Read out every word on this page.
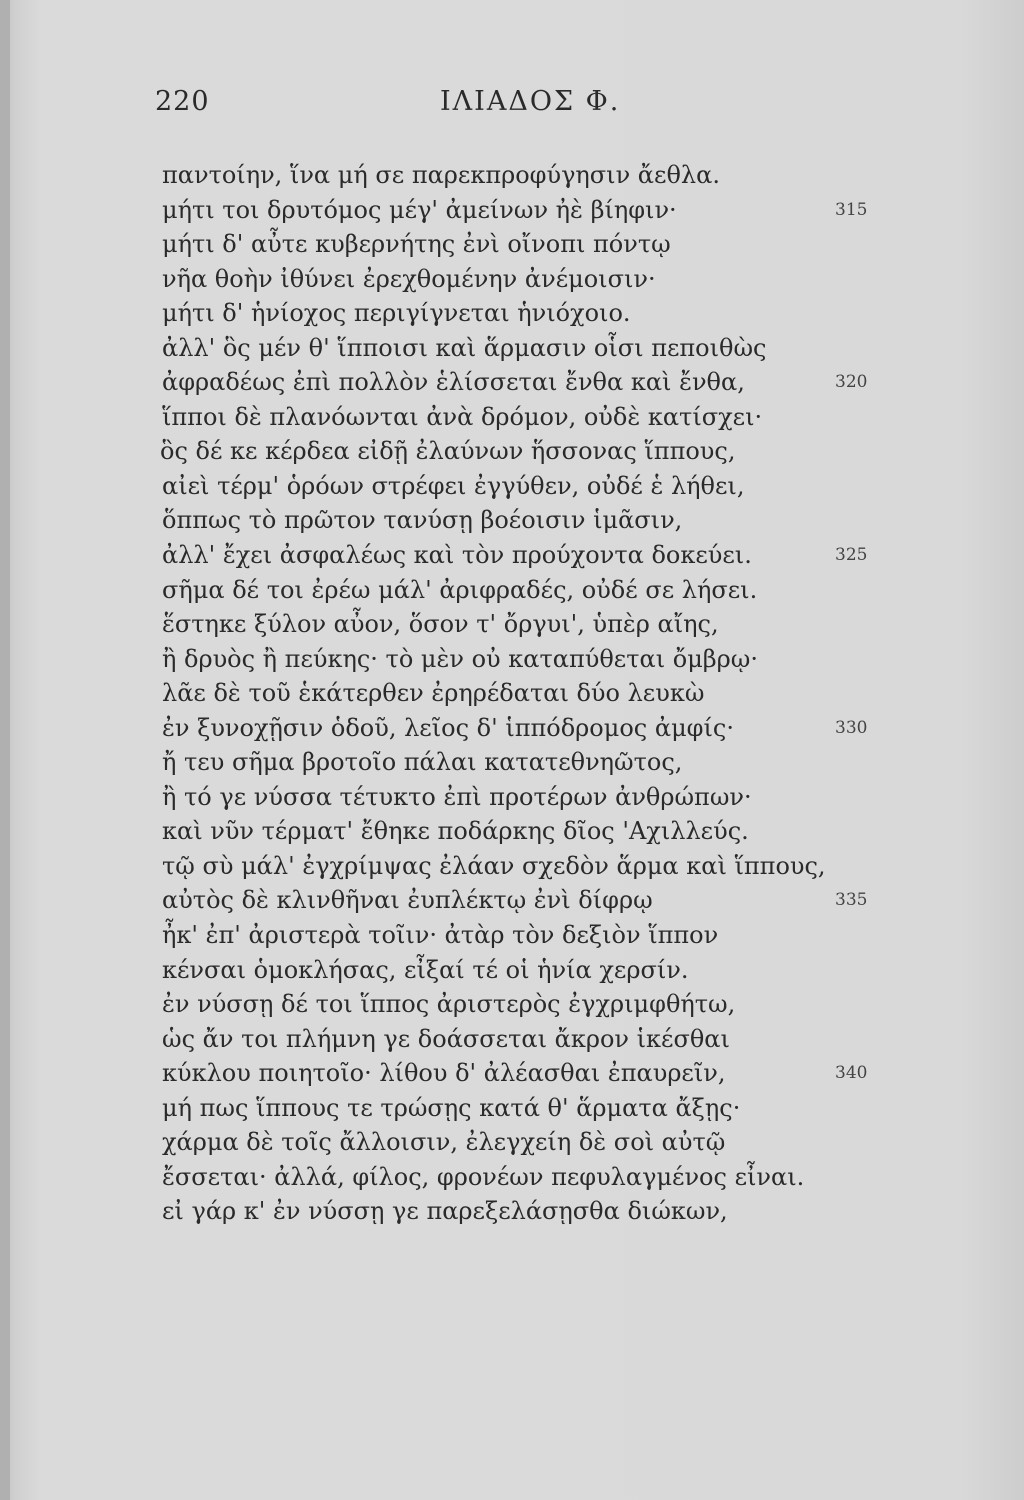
220	ΙΛΙΑΔΟΣ Φ.
παντοίην, ἵνα μή σε παρεκπροφύγησιν ἄεθλα.
μήτι τοι δρυτόμος μέγ' ἀμείνων ἠὲ βίηφιν·	315
μήτι δ' αὖτε κυβερνήτης ἐνὶ οἴνοπι πόντῳ
νῆα θοὴν ἰθύνει ἐρεχθομένην ἀνέμοισιν·
μήτι δ' ἡνίοχος περιγίγνεται ἡνιόχοιο.
ἀλλ' ὃς μέν θ' ἵπποισι καὶ ἅρμασιν οἷσι πεποιθὼς
ἀφραδέως ἐπὶ πολλὸν ἑλίσσεται ἔνθα καὶ ἔνθα,	320
ἵπποι δὲ πλανόωνται ἀνὰ δρόμον, οὐδὲ κατίσχει·
ὃς δέ κε κέρδεα εἰδῇ ἐλαύνων ἥσσονας ἵππους,
αἰεὶ τέρμ' ὁρόων στρέφει ἐγγύθεν, οὐδέ ἑ λήθει,
ὅππως τὸ πρῶτον τανύσῃ βοέοισιν ἱμᾶσιν,
ἀλλ' ἔχει ἀσφαλέως καὶ τὸν προύχοντα δοκεύει.	325
σῆμα δέ τοι ἐρέω μάλ' ἀριφραδές, οὐδέ σε λήσει.
ἕστηκε ξύλον αὖον, ὅσον τ' ὄργυι', ὑπὲρ αἴης,
ἢ δρυὸς ἢ πεύκης· τὸ μὲν οὐ καταπύθεται ὄμβρῳ·
λᾶε δὲ τοῦ ἑκάτερθεν ἐρηρέδαται δύο λευκὼ
ἐν ξυνοχῇσιν ὁδοῦ, λεῖος δ' ἱππόδρομος ἀμφίς·	330
ἤ τευ σῆμα βροτοῖο πάλαι κατατεθνηῶτος,
ἢ τό γε νύσσα τέτυκτο ἐπὶ προτέρων ἀνθρώπων·
καὶ νῦν τέρματ' ἔθηκε ποδάρκης δῖος 'Αχιλλεύς.
τῷ σὺ μάλ' ἐγχρίμψας ἐλάαν σχεδὸν ἅρμα καὶ ἵππους,
αὐτὸς δὲ κλινθῆναι ἐυπλέκτῳ ἐνὶ δίφρῳ	335
ἦκ' ἐπ' ἀριστερὰ τοῖιν· ἀτὰρ τὸν δεξιὸν ἵππον
κένσαι ὁμοκλήσας, εἶξαί τέ οἱ ἡνία χερσίν.
ἐν νύσσῃ δέ τοι ἵππος ἀριστερὸς ἐγχριμφθήτω,
ὡς ἄν τοι πλήμνη γε δοάσσεται ἄκρον ἱκέσθαι
κύκλου ποιητοῖο· λίθου δ' ἀλέασθαι ἐπαυρεῖν,	340
μή πως ἵππους τε τρώσῃς κατά θ' ἅρματα ἄξῃς·
χάρμα δὲ τοῖς ἄλλοισιν, ἐλεγχείη δὲ σοὶ αὐτῷ
ἔσσεται· ἀλλά, φίλος, φρονέων πεφυλαγμένος εἶναι.
εἰ γάρ κ' ἐν νύσσῃ γε παρεξελάσῃσθα διώκων,
